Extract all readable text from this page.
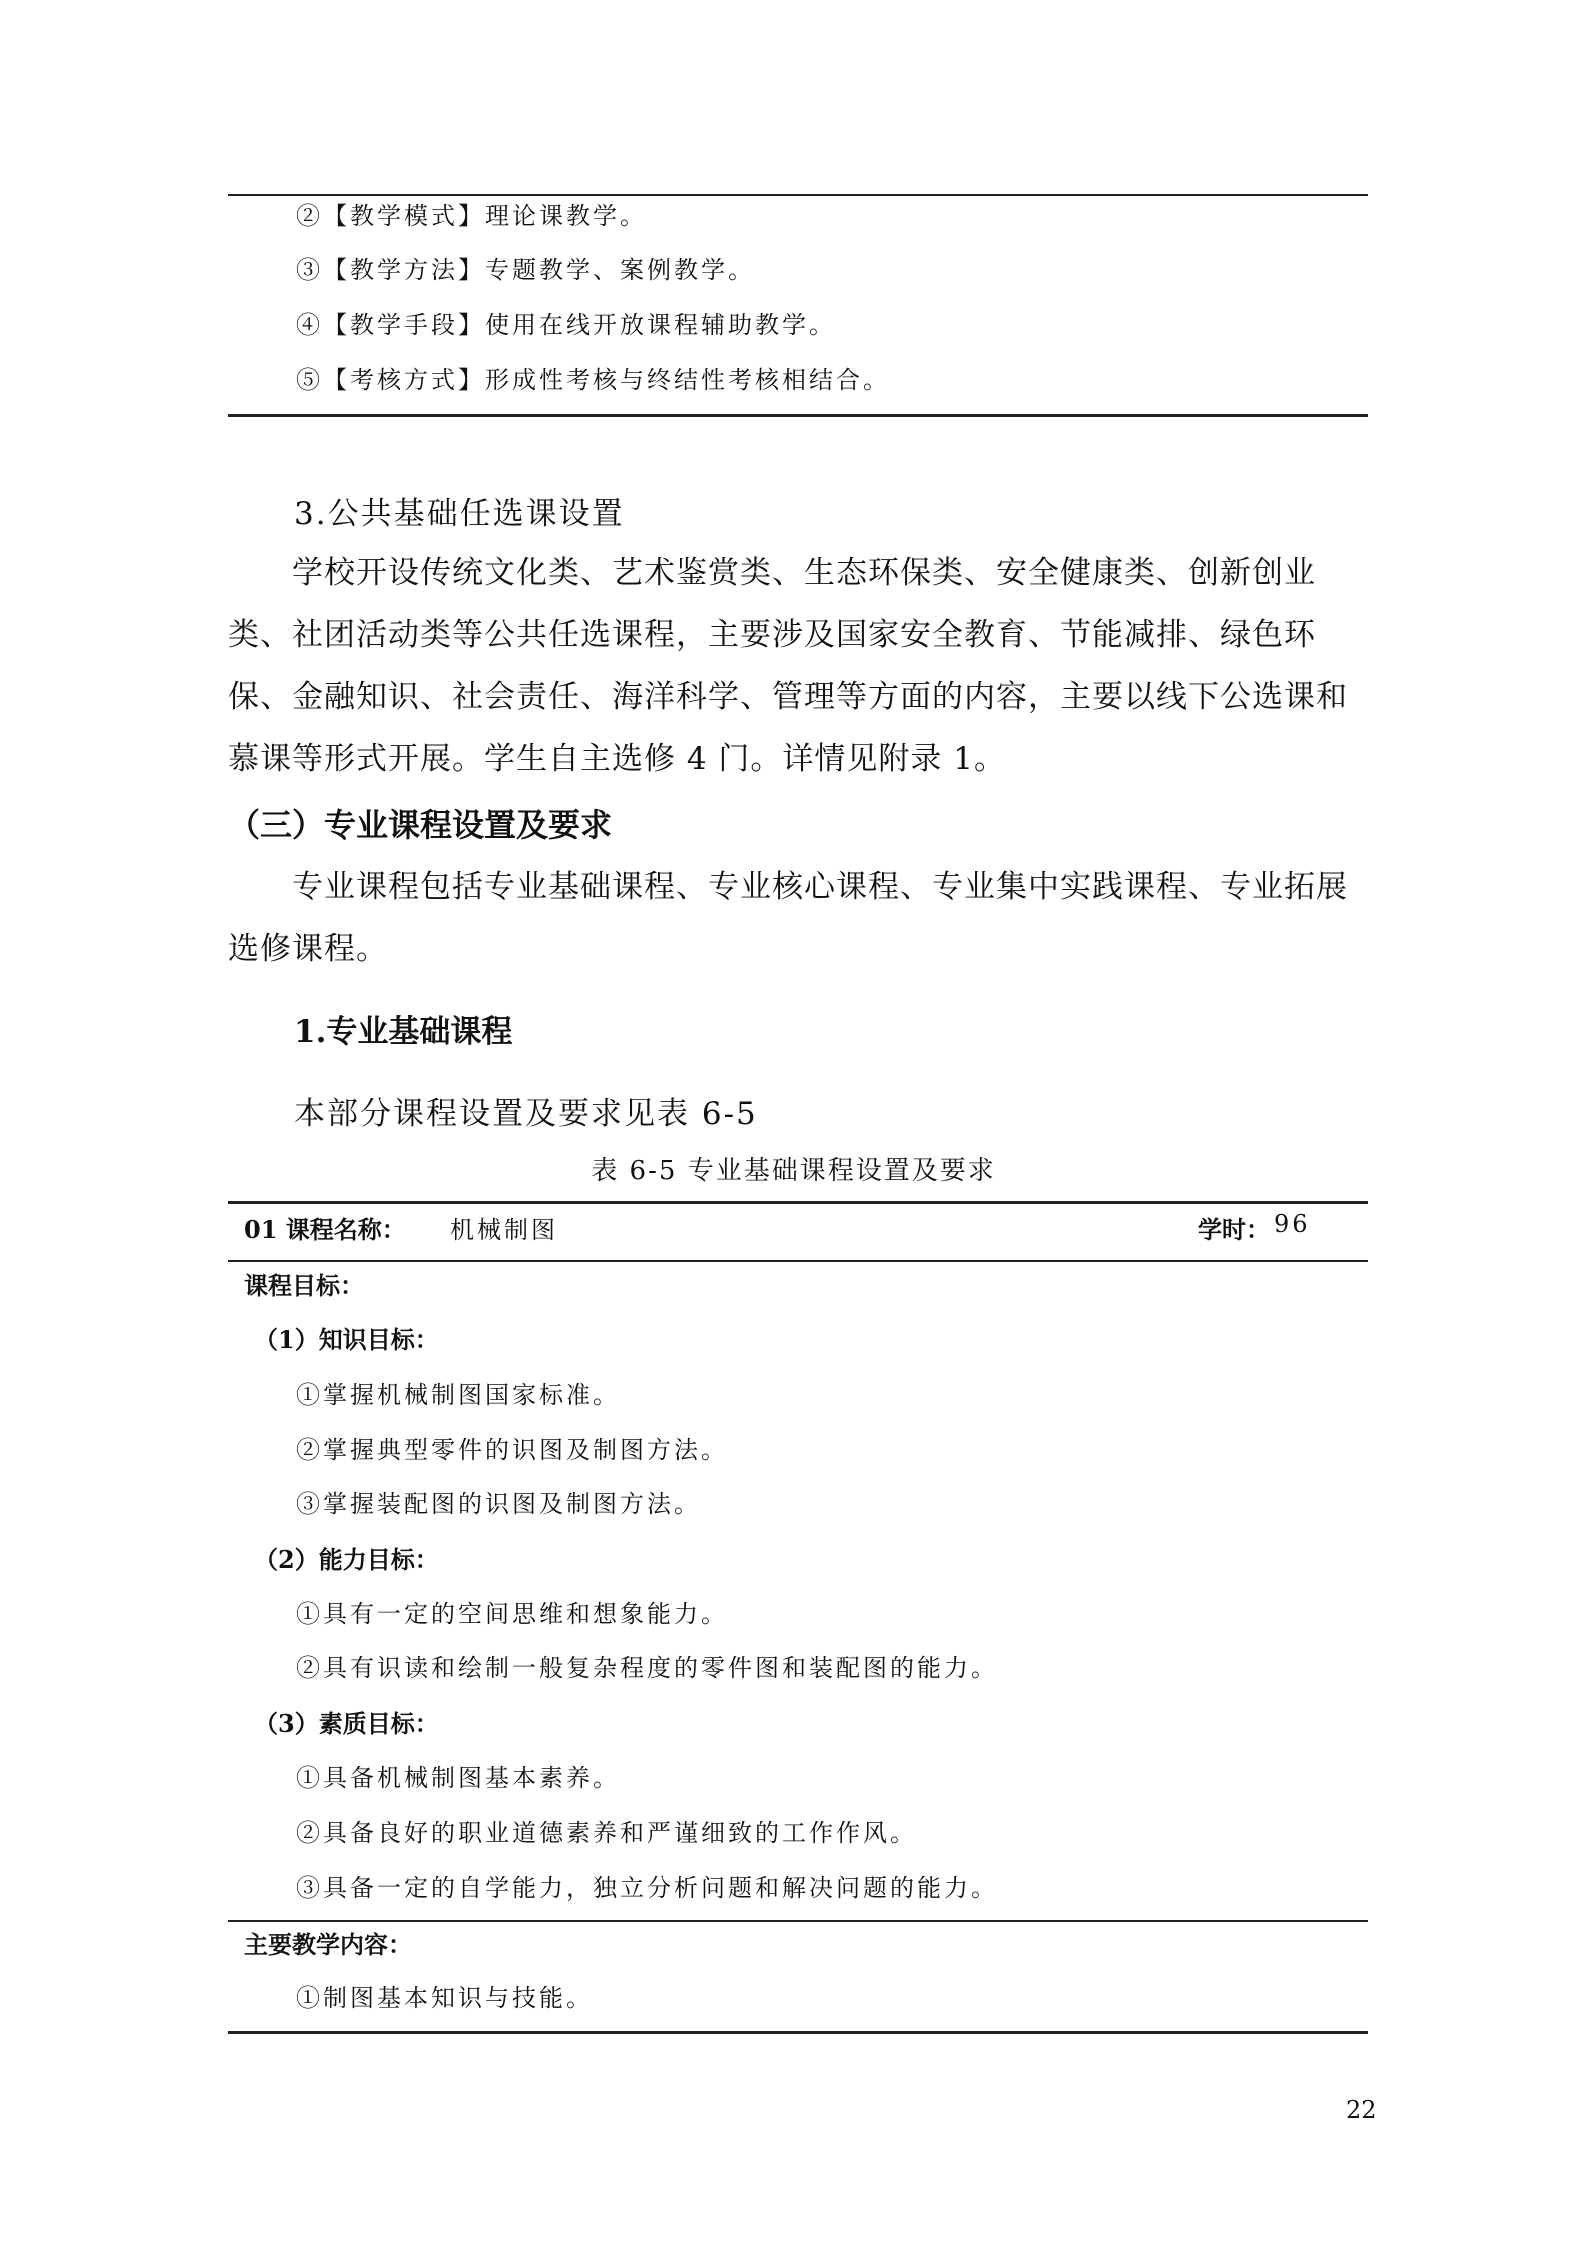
②【教学模式】理论课教学。
③【教学方法】专题教学、案例教学。
④【教学手段】使用在线开放课程辅助教学。
⑤【考核方式】形成性考核与终结性考核相结合。
3.公共基础任选课设置

学校开设传统文化类、艺术鉴赏类、生态环保类、安全健康类、创新创业类、社团活动类等公共任选课程，主要涉及国家安全教育、节能减排、绿色环保、金融知识、社会责任、海洋科学、管理等方面的内容，主要以线下公选课和慕课等形式开展。学生自主选修 4 门。详情见附录 1。

（三）专业课程设置及要求

专业课程包括专业基础课程、专业核心课程、专业集中实践课程、专业拓展选修课程。

1.专业基础课程
本部分课程设置及要求见表 6-5
表 6-5 专业基础课程设置及要求
01 课程名称： 机械制图	学时： 96
课程目标：
（1）知识目标：
①掌握机械制图国家标准。
②掌握典型零件的识图及制图方法。
③掌握装配图的识图及制图方法。
（2）能力目标：
①具有一定的空间思维和想象能力。
②具有识读和绘制一般复杂程度的零件图和装配图的能力。
（3）素质目标：
①具备机械制图基本素养。
②具备良好的职业道德素养和严谨细致的工作作风。
③具备一定的自学能力，独立分析问题和解决问题的能力。
主要教学内容：
①制图基本知识与技能。
22
